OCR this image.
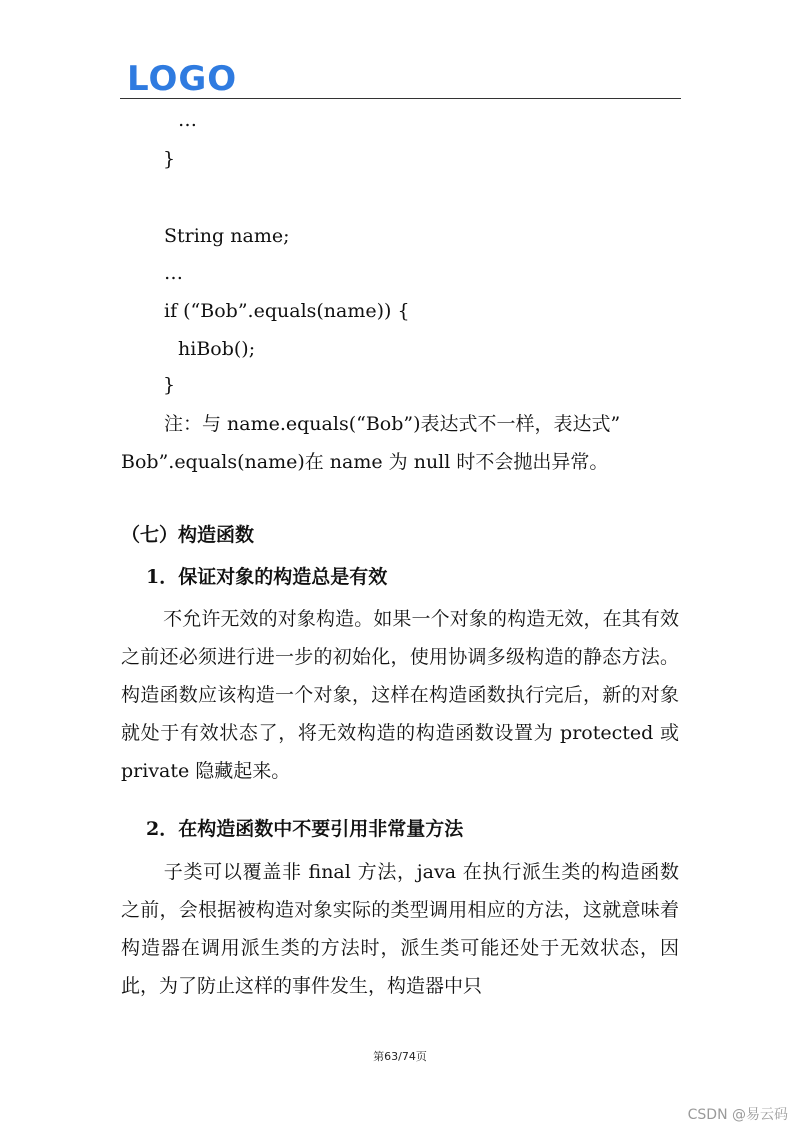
LOGO
…
}
String name;
…
if (“Bob”.equals(name)) {
hiBob();
}
注：与 name.equals(“Bob”)表达式不一样，表达式”
Bob”.equals(name)在 name 为 null 时不会抛出异常。
（七）构造函数
1．保证对象的构造总是有效

不允许无效的对象构造。如果一个对象的构造无效，在其有效之前还必须进行进一步的初始化，使用协调多级构造的静态方法。构造函数应该构造一个对象，这样在构造函数执行完后，新的对象就处于有效状态了，将无效构造的构造函数设置为 protected 或 private 隐藏起来。

2．在构造函数中不要引用非常量方法

子类可以覆盖非 final 方法，java 在执行派生类的构造函数之前，会根据被构造对象实际的类型调用相应的方法，这就意味着构造器在调用派生类的方法时，派生类可能还处于无效状态，因此，为了防止这样的事件发生，构造器中只

第63/74页
CSDN @易云码
